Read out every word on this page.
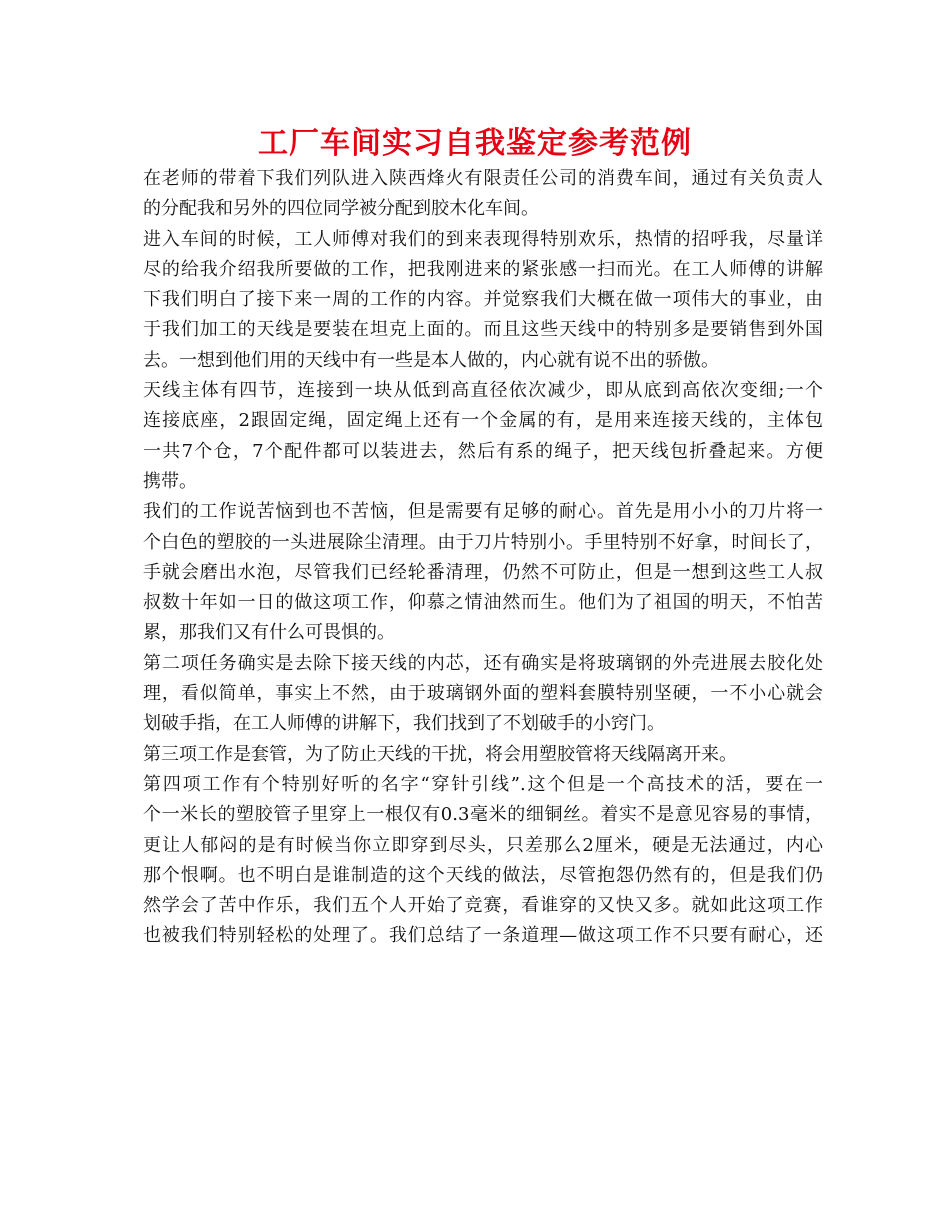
工厂车间实习自我鉴定参考范例
在老师的带着下我们列队进入陕西烽火有限责任公司的消费车间，通过有关负责人
的分配我和另外的四位同学被分配到胶木化车间。
进入车间的时候，工人师傅对我们的到来表现得特别欢乐，热情的招呼我，尽量详
尽的给我介绍我所要做的工作，把我刚进来的紧张感一扫而光。在工人师傅的讲解
下我们明白了接下来一周的工作的内容。并觉察我们大概在做一项伟大的事业，由
于我们加工的天线是要装在坦克上面的。而且这些天线中的特别多是要销售到外国
去。一想到他们用的天线中有一些是本人做的，内心就有说不出的骄傲。
天线主体有四节，连接到一块从低到高直径依次减少，即从底到高依次变细;一个
连接底座，2跟固定绳，固定绳上还有一个金属的有，是用来连接天线的，主体包
一共7个仓，7个配件都可以装进去，然后有系的绳子，把天线包折叠起来。方便
携带。
我们的工作说苦恼到也不苦恼，但是需要有足够的耐心。首先是用小小的刀片将一
个白色的塑胶的一头进展除尘清理。由于刀片特别小。手里特别不好拿，时间长了，
手就会磨出水泡，尽管我们已经轮番清理，仍然不可防止，但是一想到这些工人叔
叔数十年如一日的做这项工作，仰慕之情油然而生。他们为了祖国的明天，不怕苦
累，那我们又有什么可畏惧的。
第二项任务确实是去除下接天线的内芯，还有确实是将玻璃钢的外壳进展去胶化处
理，看似简单，事实上不然，由于玻璃钢外面的塑料套膜特别坚硬，一不小心就会
划破手指，在工人师傅的讲解下，我们找到了不划破手的小窍门。
第三项工作是套管，为了防止天线的干扰，将会用塑胶管将天线隔离开来。
第四项工作有个特别好听的名字“穿针引线”.这个但是一个高技术的活，要在一
个一米长的塑胶管子里穿上一根仅有0.3毫米的细铜丝。着实不是意见容易的事情，
更让人郁闷的是有时候当你立即穿到尽头，只差那么2厘米，硬是无法通过，内心
那个恨啊。也不明白是谁制造的这个天线的做法，尽管抱怨仍然有的，但是我们仍
然学会了苦中作乐，我们五个人开始了竞赛，看谁穿的又快又多。就如此这项工作
也被我们特别轻松的处理了。我们总结了一条道理—做这项工作不只要有耐心，还
